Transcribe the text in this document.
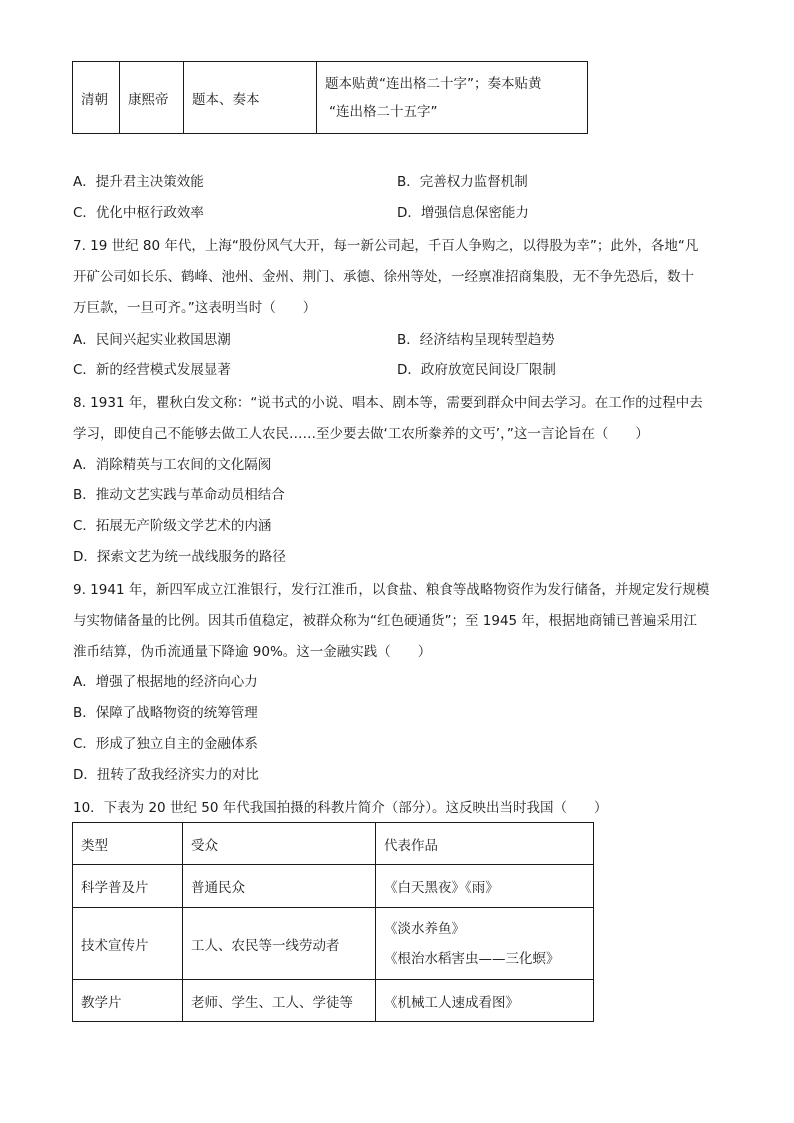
清朝	康熙帝	题本、奏本	
题本贴黄“连出格二十字”；奏本贴黄
“连出格二十五字”
A．提升君主决策效能	B．完善权力监督机制
C．优化中枢行政效率	D．增强信息保密能力
7. 19 世纪 80 年代，上海“股份风气大开，每一新公司起，千百人争购之，以得股为幸”；此外，各地“凡
开矿公司如长乐、鹤峰、池州、金州、荆门、承德、徐州等处，一经禀准招商集股，无不争先恐后，数十
万巨款，一旦可齐。”这表明当时（　　）
A．民间兴起实业救国思潮	B．经济结构呈现转型趋势
C．新的经营模式发展显著	D．政府放宽民间设厂限制
8. 1931 年，瞿秋白发文称：“说书式的小说、唱本、剧本等，需要到群众中间去学习。在工作的过程中去
学习，即使自己不能够去做工人农民……至少要去做‘工农所豢养的文丐’，”这一言论旨在（　　）
A．消除精英与工农间的文化隔阂
B．推动文艺实践与革命动员相结合
C．拓展无产阶级文学艺术的内涵
D．探索文艺为统一战线服务的路径
9. 1941 年，新四军成立江淮银行，发行江淮币，以食盐、粮食等战略物资作为发行储备，并规定发行规模
与实物储备量的比例。因其币值稳定，被群众称为“红色硬通货”；至 1945 年，根据地商铺已普遍采用江
淮币结算，伪币流通量下降逾 90%。这一金融实践（　　）
A．增强了根据地的经济向心力
B．保障了战略物资的统筹管理
C．形成了独立自主的金融体系
D．扭转了敌我经济实力的对比
10．下表为 20 世纪 50 年代我国拍摄的科教片简介（部分）。这反映出当时我国（　　）
类型	受众	代表作品
科学普及片	普通民众	《白天黑夜》《雨》
技术宣传片	工人、农民等一线劳动者	《淡水养鱼》
《根治水稻害虫——三化螟》

教学片	老师、学生、工人、学徒等	《机械工人速成看图》
